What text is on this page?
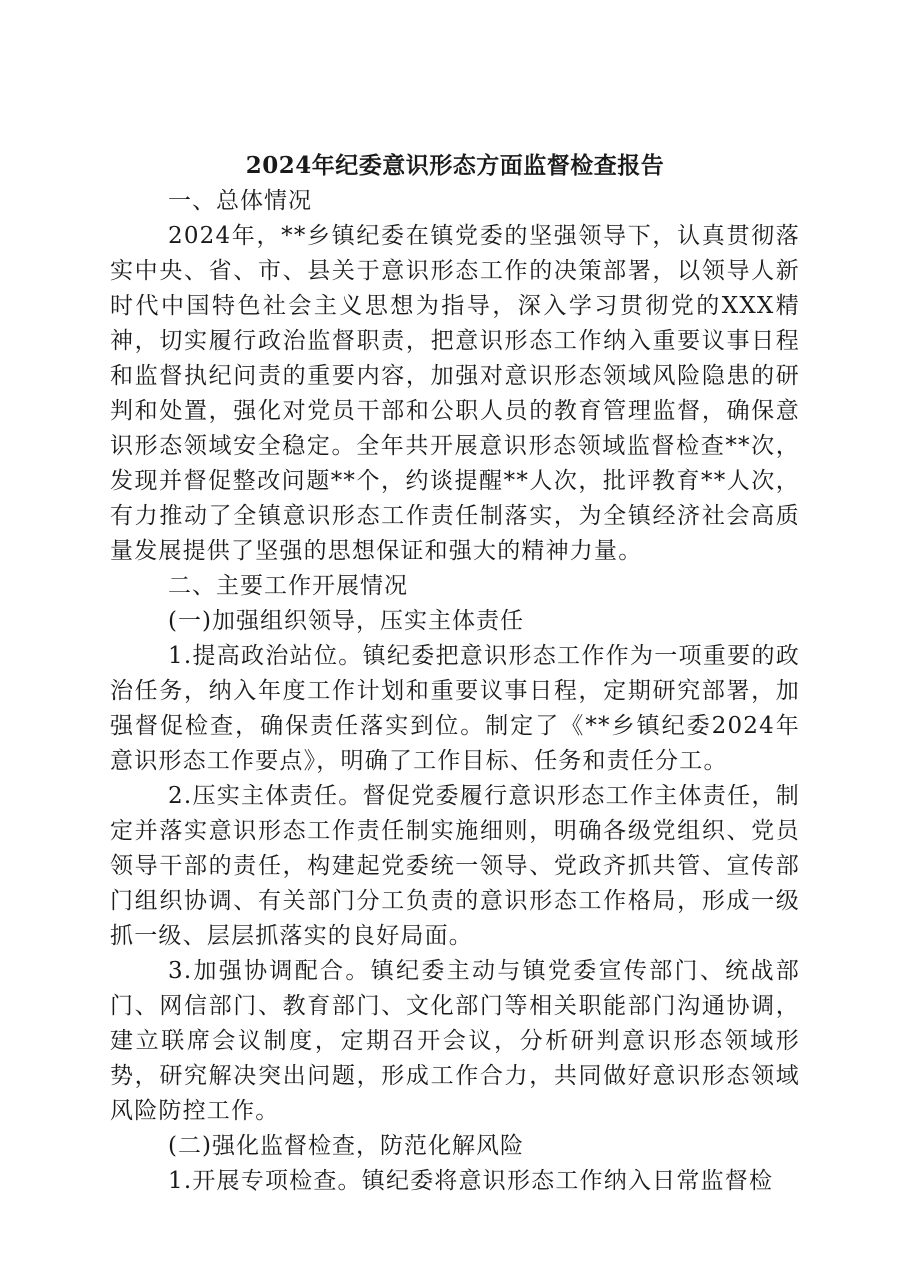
2024年纪委意识形态方面监督检查报告

一、总体情况

2024年，**乡镇纪委在镇党委的坚强领导下，认真贯彻落实中央、省、市、县关于意识形态工作的决策部署，以领导人新时代中国特色社会主义思想为指导，深入学习贯彻党的XXX精神，切实履行政治监督职责，把意识形态工作纳入重要议事日程和监督执纪问责的重要内容，加强对意识形态领域风险隐患的研判和处置，强化对党员干部和公职人员的教育管理监督，确保意识形态领域安全稳定。全年共开展意识形态领域监督检查**次，发现并督促整改问题**个，约谈提醒**人次，批评教育**人次，有力推动了全镇意识形态工作责任制落实，为全镇经济社会高质量发展提供了坚强的思想保证和强大的精神力量。

二、主要工作开展情况

(一)加强组织领导，压实主体责任

1.提高政治站位。镇纪委把意识形态工作作为一项重要的政治任务，纳入年度工作计划和重要议事日程，定期研究部署，加强督促检查，确保责任落实到位。制定了《**乡镇纪委2024年意识形态工作要点》，明确了工作目标、任务和责任分工。

2.压实主体责任。督促党委履行意识形态工作主体责任，制定并落实意识形态工作责任制实施细则，明确各级党组织、党员领导干部的责任，构建起党委统一领导、党政齐抓共管、宣传部门组织协调、有关部门分工负责的意识形态工作格局，形成一级抓一级、层层抓落实的良好局面。

3.加强协调配合。镇纪委主动与镇党委宣传部门、统战部门、网信部门、教育部门、文化部门等相关职能部门沟通协调，建立联席会议制度，定期召开会议，分析研判意识形态领域形势，研究解决突出问题，形成工作合力，共同做好意识形态领域风险防控工作。

(二)强化监督检查，防范化解风险

1.开展专项检查。镇纪委将意识形态工作纳入日常监督检
